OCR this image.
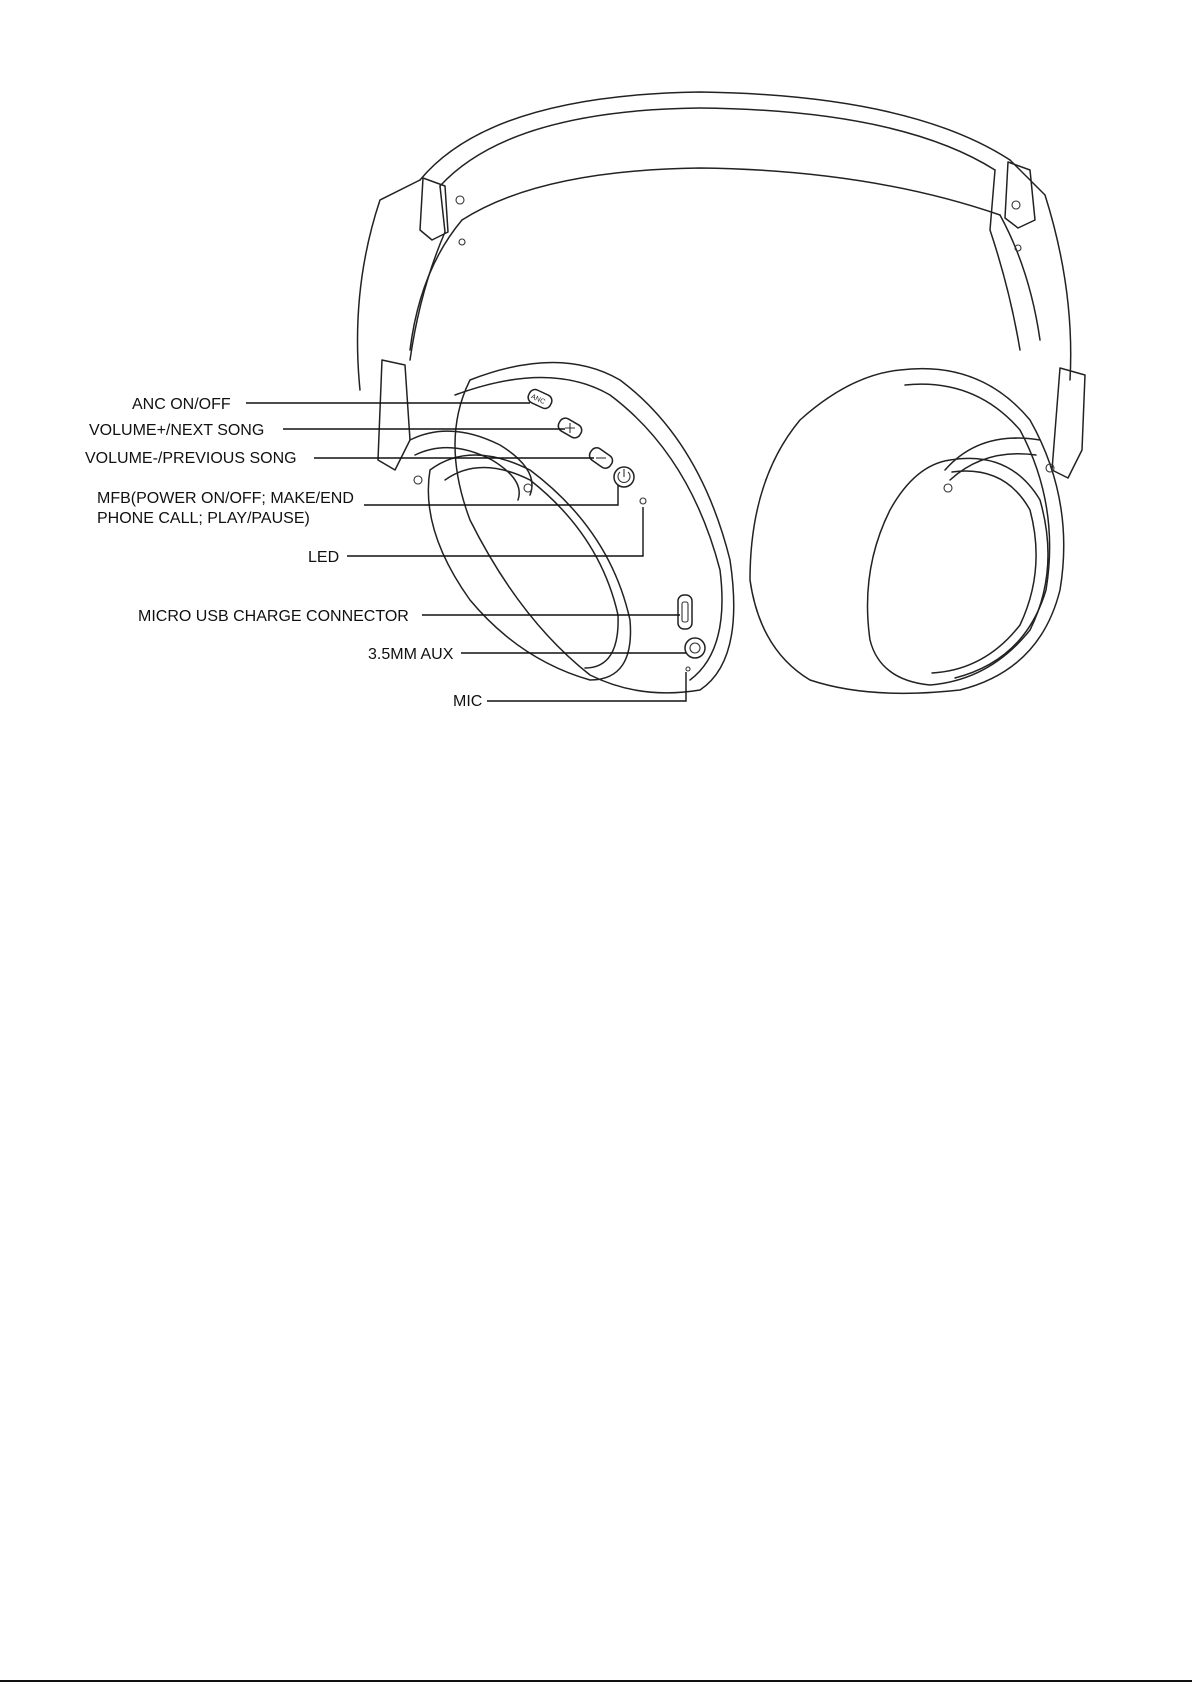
ANC
ANC ON/OFF
VOLUME+/NEXT SONG
VOLUME-/PREVIOUS SONG
MFB(POWER ON/OFF; MAKE/END
PHONE CALL; PLAY/PAUSE)
LED
MICRO USB CHARGE CONNECTOR
3.5MM AUX
MIC
